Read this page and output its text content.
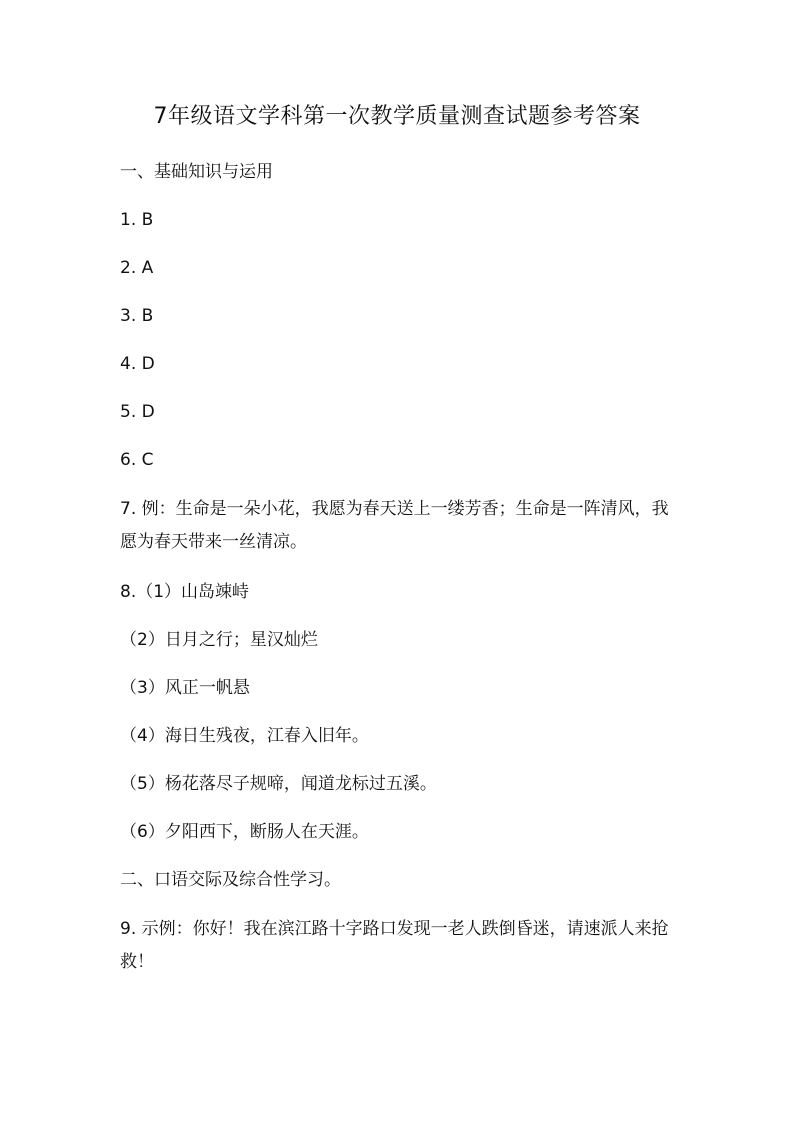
7年级语文学科第一次教学质量测查试题参考答案
一、基础知识与运用
1. B
2. A
3. B
4. D
5. D
6. C
7. 例：生命是一朵小花，我愿为春天送上一缕芳香；生命是一阵清风，我愿为春天带来一丝清凉。
8.（1）山岛竦峙
（2）日月之行；星汉灿烂
（3）风正一帆悬
（4）海日生残夜，江春入旧年。
（5）杨花落尽子规啼，闻道龙标过五溪。
（6）夕阳西下，断肠人在天涯。
二、口语交际及综合性学习。
9. 示例：你好！我在滨江路十字路口发现一老人跌倒昏迷，请速派人来抢救！
